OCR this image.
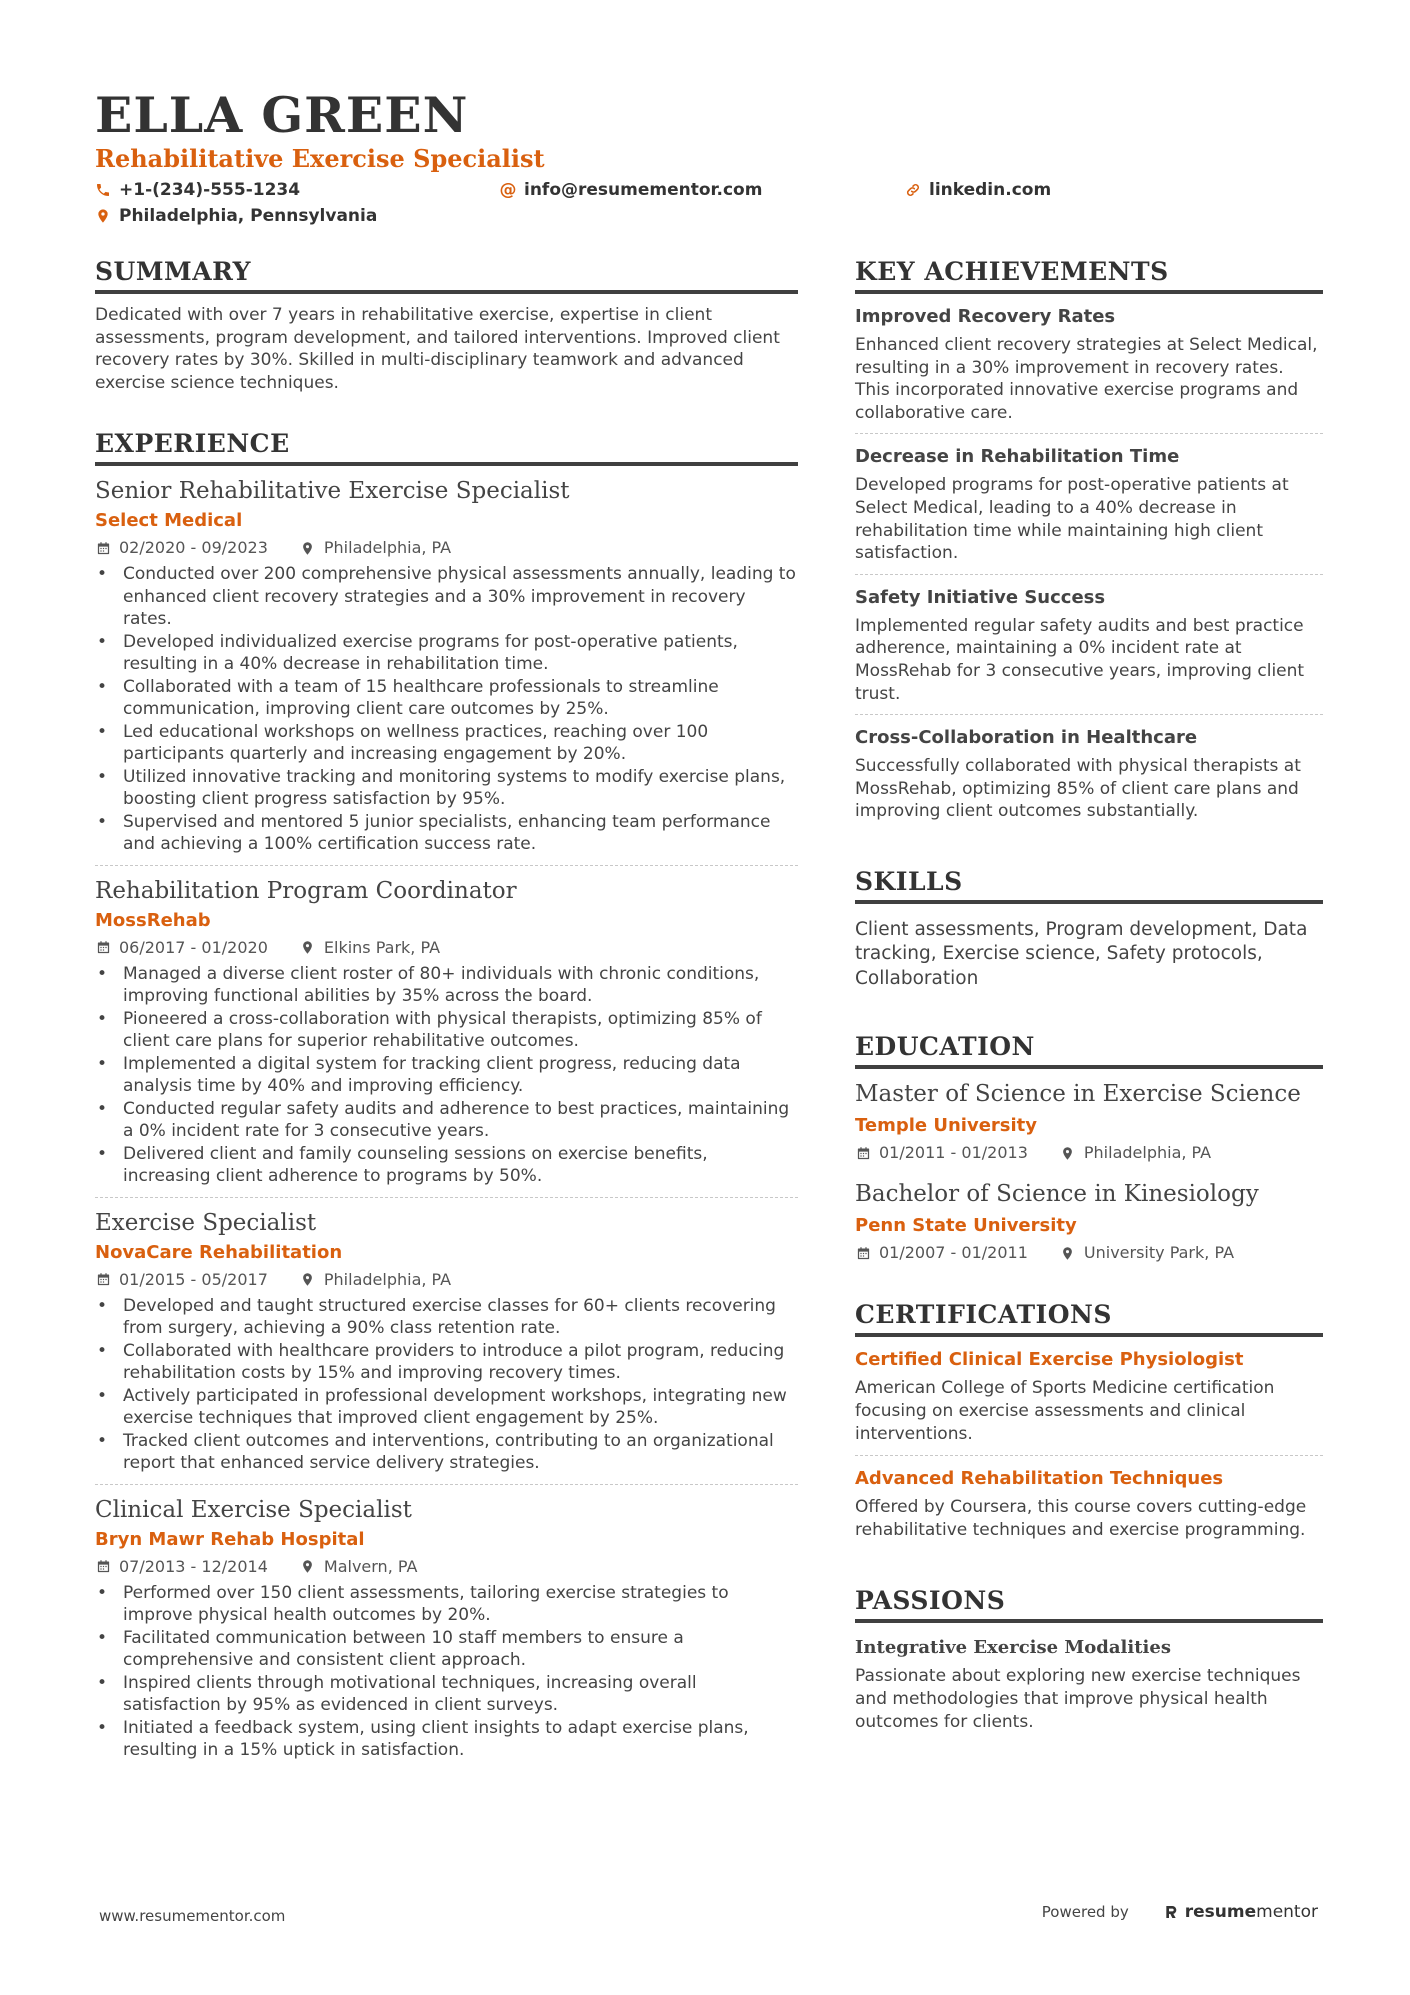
ELLA GREEN
Rehabilitative Exercise Specialist
+1-(234)-555-1234	@ info@resumementor.com	linkedin.com
Philadelphia, Pennsylvania
SUMMARY

Dedicated with over 7 years in rehabilitative exercise, expertise in client assessments, program development, and tailored interventions. Improved client recovery rates by 30%. Skilled in multi-disciplinary teamwork and advanced exercise science techniques.

EXPERIENCE

Senior Rehabilitative Exercise Specialist

Select Medical

02/2020 - 09/2023	Philadelphia, PA
• Conducted over 200 comprehensive physical assessments annually, leading to enhanced client recovery strategies and a 30% improvement in recovery rates.
• Developed individualized exercise programs for post-operative patients, resulting in a 40% decrease in rehabilitation time.
• Collaborated with a team of 15 healthcare professionals to streamline communication, improving client care outcomes by 25%.
• Led educational workshops on wellness practices, reaching over 100 participants quarterly and increasing engagement by 20%.
• Utilized innovative tracking and monitoring systems to modify exercise plans, boosting client progress satisfaction by 95%.
• Supervised and mentored 5 junior specialists, enhancing team performance and achieving a 100% certification success rate.

Rehabilitation Program Coordinator

MossRehab

06/2017 - 01/2020	Elkins Park, PA
• Managed a diverse client roster of 80+ individuals with chronic conditions, improving functional abilities by 35% across the board.
• Pioneered a cross-collaboration with physical therapists, optimizing 85% of client care plans for superior rehabilitative outcomes.
• Implemented a digital system for tracking client progress, reducing data analysis time by 40% and improving efficiency.
• Conducted regular safety audits and adherence to best practices, maintaining a 0% incident rate for 3 consecutive years.
• Delivered client and family counseling sessions on exercise benefits, increasing client adherence to programs by 50%.

Exercise Specialist

NovaCare Rehabilitation

01/2015 - 05/2017	Philadelphia, PA
• Developed and taught structured exercise classes for 60+ clients recovering from surgery, achieving a 90% class retention rate.
• Collaborated with healthcare providers to introduce a pilot program, reducing rehabilitation costs by 15% and improving recovery times.
• Actively participated in professional development workshops, integrating new exercise techniques that improved client engagement by 25%.
• Tracked client outcomes and interventions, contributing to an organizational report that enhanced service delivery strategies.

Clinical Exercise Specialist

Bryn Mawr Rehab Hospital

07/2013 - 12/2014	Malvern, PA
• Performed over 150 client assessments, tailoring exercise strategies to improve physical health outcomes by 20%.
• Facilitated communication between 10 staff members to ensure a comprehensive and consistent client approach.
• Inspired clients through motivational techniques, increasing overall satisfaction by 95% as evidenced in client surveys.
• Initiated a feedback system, using client insights to adapt exercise plans, resulting in a 15% uptick in satisfaction.
KEY ACHIEVEMENTS

Improved Recovery Rates

Enhanced client recovery strategies at Select Medical, resulting in a 30% improvement in recovery rates. This incorporated innovative exercise programs and collaborative care.

Decrease in Rehabilitation Time

Developed programs for post-operative patients at Select Medical, leading to a 40% decrease in rehabilitation time while maintaining high client satisfaction.

Safety Initiative Success

Implemented regular safety audits and best practice adherence, maintaining a 0% incident rate at MossRehab for 3 consecutive years, improving client trust.

Cross-Collaboration in Healthcare

Successfully collaborated with physical therapists at MossRehab, optimizing 85% of client care plans and improving client outcomes substantially.

SKILLS

Client assessments, Program development, Data tracking, Exercise science, Safety protocols, Collaboration

EDUCATION

Master of Science in Exercise Science

Temple University

01/2011 - 01/2013	Philadelphia, PA

Bachelor of Science in Kinesiology

Penn State University

01/2007 - 01/2011	University Park, PA
CERTIFICATIONS

Certified Clinical Exercise Physiologist

American College of Sports Medicine certification focusing on exercise assessments and clinical interventions.

Advanced Rehabilitation Techniques

Offered by Coursera, this course covers cutting-edge rehabilitative techniques and exercise programming.

PASSIONS

Integrative Exercise Modalities

Passionate about exploring new exercise techniques and methodologies that improve physical health outcomes for clients.

www.resumementor.com	Powered by	resume mentor
